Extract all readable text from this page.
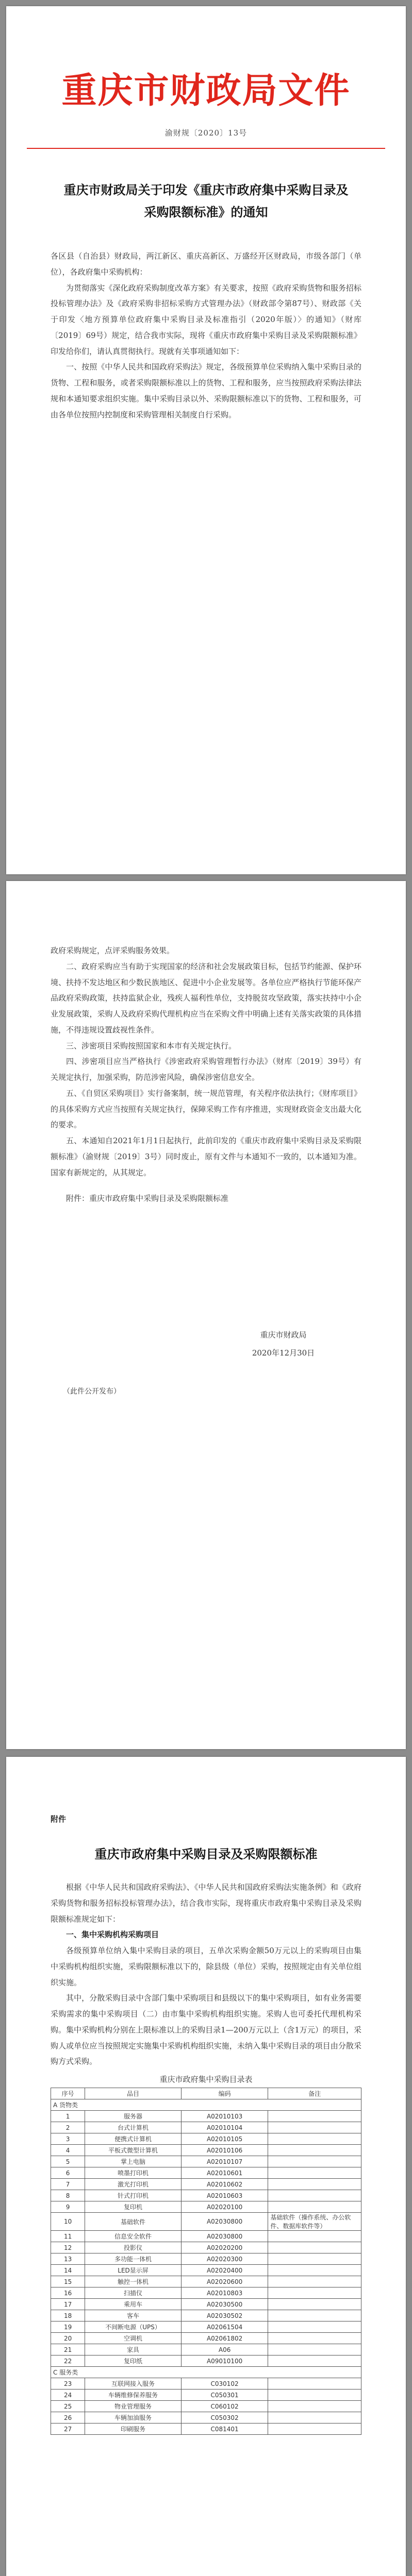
重庆市财政局文件
渝财规〔2020〕13号
重庆市财政局关于印发《重庆市政府集中采购目录及采购限额标准》的通知

各区县（自治县）财政局，两江新区、重庆高新区、万盛经开区财政局，市级各部门（单位），各政府集中采购机构：

为贯彻落实《深化政府采购制度改革方案》有关要求，按照《政府采购货物和服务招标投标管理办法》及《政府采购非招标采购方式管理办法》（财政部令第87号）、财政部《关于印发〈地方预算单位政府集中采购目录及标准指引（2020年版）〉的通知》（财库〔2019〕69号）规定，结合我市实际，现将《重庆市政府集中采购目录及采购限额标准》印发给你们，请认真贯彻执行。现就有关事项通知如下：

一、按照《中华人民共和国政府采购法》规定，各级预算单位采购纳入集中采购目录的货物、工程和服务，或者采购限额标准以上的货物、工程和服务，应当按照政府采购法律法规和本通知要求组织实施。集中采购目录以外、采购限额标准以下的货物、工程和服务，可由各单位按照内控制度和采购管理相关制度自行采购。

政府采购规定，点评采购服务效果。

二、政府采购应当有助于实现国家的经济和社会发展政策目标，包括节约能源、保护环境、扶持不发达地区和少数民族地区、促进中小企业发展等。各单位应严格执行节能环保产品政府采购政策，扶持监狱企业，残疾人福利性单位，支持脱贫攻坚政策，落实扶持中小企业发展政策，采购人及政府采购代理机构应当在采购文件中明确上述有关落实政策的具体措施，不得违规设置歧视性条件。

三、涉密项目采购按照国家和本市有关规定执行。

四、涉密项目应当严格执行《涉密政府采购管理暂行办法》（财库〔2019〕39号）有关规定执行，加强采购，防范涉密风险，确保涉密信息安全。

五、《自贸区采购项目》实行备案制，统一规范管理，有关程序依法执行；《财库项目》的具体采购方式应当按照有关规定执行，保障采购工作有序推进，实现财政资金支出最大化的要求。

五、本通知自2021年1月1日起执行，此前印发的《重庆市政府集中采购目录及采购限额标准》（渝财规〔2019〕3号）同时废止，原有文件与本通知不一致的，以本通知为准。国家有新规定的，从其规定。

附件：重庆市政府集中采购目录及采购限额标准

重庆市财政局
2020年12月30日
（此件公开发布）
附件
重庆市政府集中采购目录及采购限额标准

根据《中华人民共和国政府采购法》、《中华人民共和国政府采购法实施条例》和《政府采购货物和服务招标投标管理办法》，结合我市实际，现将重庆市政府集中采购目录及采购限额标准规定如下：

一、集中采购机构采购项目

各级预算单位纳入集中采购目录的项目，五单次采购金额50万元以上的采购项目由集中采购机构组织实施，采购限额标准以下的，除县级（单位）采购，按照规定由有关单位组织实施。

其中，分散采购目录中含部门集中采购项目和县级以下的集中采购项目，如有业务需要采购需求的集中采购项目（二）由市集中采购机构组织实施。采购人也可委托代理机构采购。集中采购机构分别在上限标准以上的采购目录1—200万元以上（含1万元）的项目，采购人或单位应当按照规定实施集中采购机构组织实施，未纳入集中采购目录的项目由分散采购方式采购。

重庆市政府集中采购目录表
序号	品目	编码	备注
A 货物类			
1	服务器	A02010103	
2	台式计算机	A02010104	
3	便携式计算机	A02010105	
4	平板式微型计算机	A02010106	
5	掌上电脑	A02010107	
6	喷墨打印机	A02010601	
7	激光打印机	A02010602	
8	针式打印机	A02010603	
9	复印机	A02020100	
10	基础软件	A02030800	基础软件（操作系统、办公软件、数据库软件等）
11	信息安全软件	A02030800	
12	投影仪	A02020200	
13	多功能一体机	A02020300	
14	LED显示屏	A02020400	
15	触控一体机	A02020600	
16	扫描仪	A02010803	
17	乘用车	A02030500	
18	客车	A02030502	
19	不间断电源（UPS）	A02061504	
20	空调机	A02061802	
21	家具	A06	
22	复印纸	A09010100	
C 服务类			
23	互联网接入服务	C030102	
24	车辆维修保养服务	C050301	
25	物业管理服务	C060102	
26	车辆加油服务	C050302	
27	印刷服务	C081401	
